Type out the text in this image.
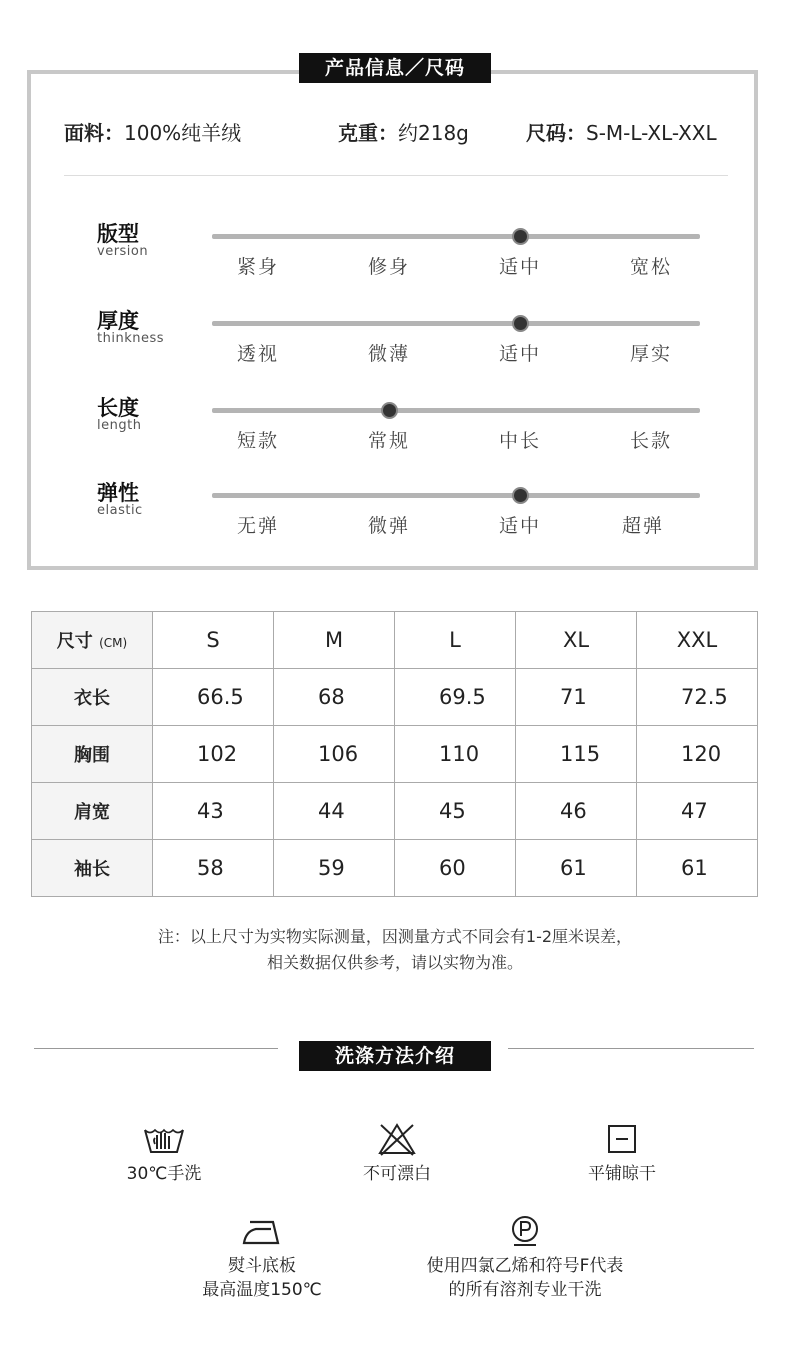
产品信息／尺码
面料：100%纯羊绒	克重：约218g	尺码：S-M-L-XL-XXL
版型
version
紧身	修身	适中	宽松
厚度
thinkness
透视	微薄	适中	厚实
长度
length
短款	常规	中长	长款
弹性
elastic
无弹	微弹	适中	超弹
尺寸 (CM)	S	M	L	XL	XXL
衣长	66.5	68	69.5	71	72.5
胸围	102	106	110	115	120
肩宽	43	44	45	46	47
袖长	58	59	60	61	61
注：以上尺寸为实物实际测量，因测量方式不同会有1-2厘米误差，
相关数据仅供参考，请以实物为准。
洗涤方法介绍
30℃手洗	不可漂白	平铺晾干
熨斗底板
最高温度150℃
使用四氯乙烯和符号F代表
的所有溶剂专业干洗
